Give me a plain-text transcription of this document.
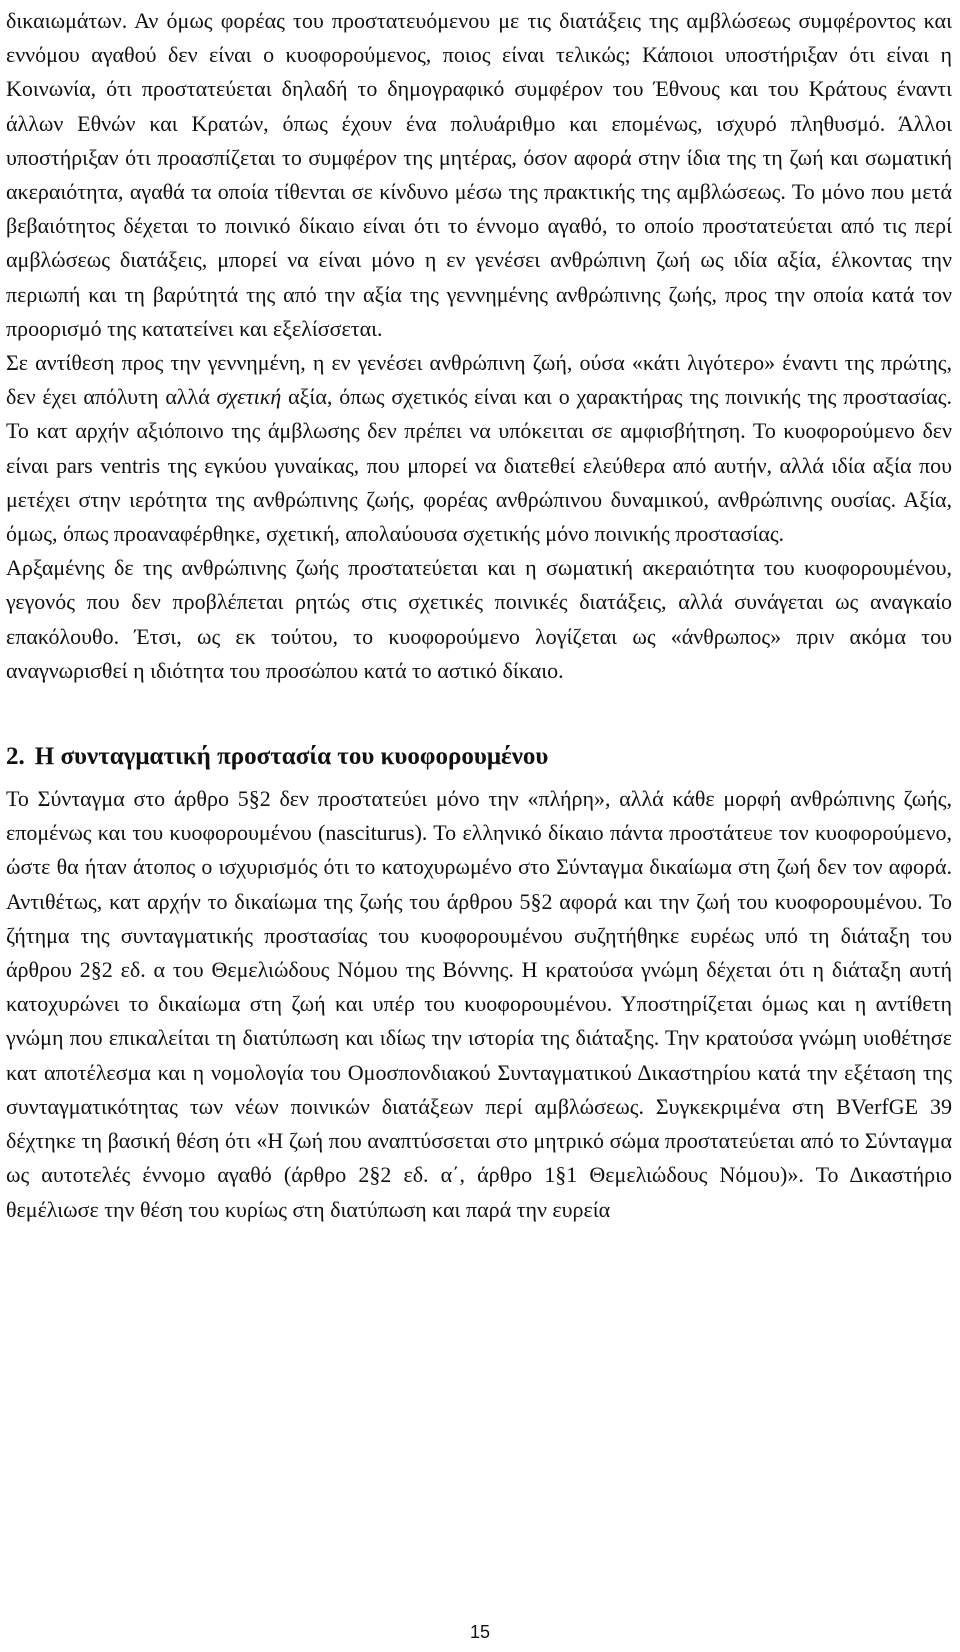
δικαιωμάτων. Αν όμως φορέας του προστατευόμενου με τις διατάξεις της αμβλώσεως συμφέροντος και εννόμου αγαθού δεν είναι ο κυοφορούμενος, ποιος είναι τελικώς; Κάποιοι υποστήριξαν ότι είναι η Κοινωνία, ότι προστατεύεται δηλαδή το δημογραφικό συμφέρον του Έθνους και του Κράτους έναντι άλλων Εθνών και Κρατών, όπως έχουν ένα πολυάριθμο και επομένως, ισχυρό πληθυσμό. Άλλοι υποστήριξαν ότι προασπίζεται το συμφέρον της μητέρας, όσον αφορά στην ίδια της τη ζωή και σωματική ακεραιότητα, αγαθά τα οποία τίθενται σε κίνδυνο μέσω της πρακτικής της αμβλώσεως. Το μόνο που μετά βεβαιότητος δέχεται το ποινικό δίκαιο είναι ότι το έννομο αγαθό, το οποίο προστατεύεται από τις περί αμβλώσεως διατάξεις, μπορεί να είναι μόνο η εν γενέσει ανθρώπινη ζωή ως ιδία αξία, έλκοντας την περιωπή και τη βαρύτητά της από την αξία της γεννημένης ανθρώπινης ζωής, προς την οποία κατά τον προορισμό της κατατείνει και εξελίσσεται.

Σε αντίθεση προς την γεννημένη, η εν γενέσει ανθρώπινη ζωή, ούσα «κάτι λιγότερο» έναντι της πρώτης, δεν έχει απόλυτη αλλά σχετική αξία, όπως σχετικός είναι και ο χαρακτήρας της ποινικής της προστασίας. Το κατ αρχήν αξιόποινο της άμβλωσης δεν πρέπει να υπόκειται σε αμφισβήτηση. Το κυοφορούμενο δεν είναι pars ventris της εγκύου γυναίκας, που μπορεί να διατεθεί ελεύθερα από αυτήν, αλλά ιδία αξία που μετέχει στην ιερότητα της ανθρώπινης ζωής, φορέας ανθρώπινου δυναμικού, ανθρώπινης ουσίας. Αξία, όμως, όπως προαναφέρθηκε, σχετική, απολαύουσα σχετικής μόνο ποινικής προστασίας.

Αρξαμένης δε της ανθρώπινης ζωής προστατεύεται και η σωματική ακεραιότητα του κυοφορουμένου, γεγονός που δεν προβλέπεται ρητώς στις σχετικές ποινικές διατάξεις, αλλά συνάγεται ως αναγκαίο επακόλουθο. Έτσι, ως εκ τούτου, το κυοφορούμενο λογίζεται ως «άνθρωπος» πριν ακόμα του αναγνωρισθεί η ιδιότητα του προσώπου κατά το αστικό δίκαιο.

2. Η συνταγματική προστασία του κυοφορουμένου

Το Σύνταγμα στο άρθρο 5§2 δεν προστατεύει μόνο την «πλήρη», αλλά κάθε μορφή ανθρώπινης ζωής, επομένως και του κυοφορουμένου (nasciturus). Το ελληνικό δίκαιο πάντα προστάτευε τον κυοφορούμενο, ώστε θα ήταν άτοπος ο ισχυρισμός ότι το κατοχυρωμένο στο Σύνταγμα δικαίωμα στη ζωή δεν τον αφορά. Αντιθέτως, κατ αρχήν το δικαίωμα της ζωής του άρθρου 5§2 αφορά και την ζωή του κυοφορουμένου. Το ζήτημα της συνταγματικής προστασίας του κυοφορουμένου συζητήθηκε ευρέως υπό τη διάταξη του άρθρου 2§2 εδ. α του Θεμελιώδους Νόμου της Βόννης. Η κρατούσα γνώμη δέχεται ότι η διάταξη αυτή κατοχυρώνει το δικαίωμα στη ζωή και υπέρ του κυοφορουμένου. Υποστηρίζεται όμως και η αντίθετη γνώμη που επικαλείται τη διατύπωση και ιδίως την ιστορία της διάταξης. Την κρατούσα γνώμη υιοθέτησε κατ αποτέλεσμα και η νομολογία του Ομοσπονδιακού Συνταγματικού Δικαστηρίου κατά την εξέταση της συνταγματικότητας των νέων ποινικών διατάξεων περί αμβλώσεως. Συγκεκριμένα στη BVerfGE 39 δέχτηκε τη βασική θέση ότι «Η ζωή που αναπτύσσεται στο μητρικό σώμα προστατεύεται από το Σύνταγμα ως αυτοτελές έννομο αγαθό (άρθρο 2§2 εδ. α΄, άρθρο 1§1 Θεμελιώδους Νόμου)». Το Δικαστήριο θεμέλιωσε την θέση του κυρίως στη διατύπωση και παρά την ευρεία

15
